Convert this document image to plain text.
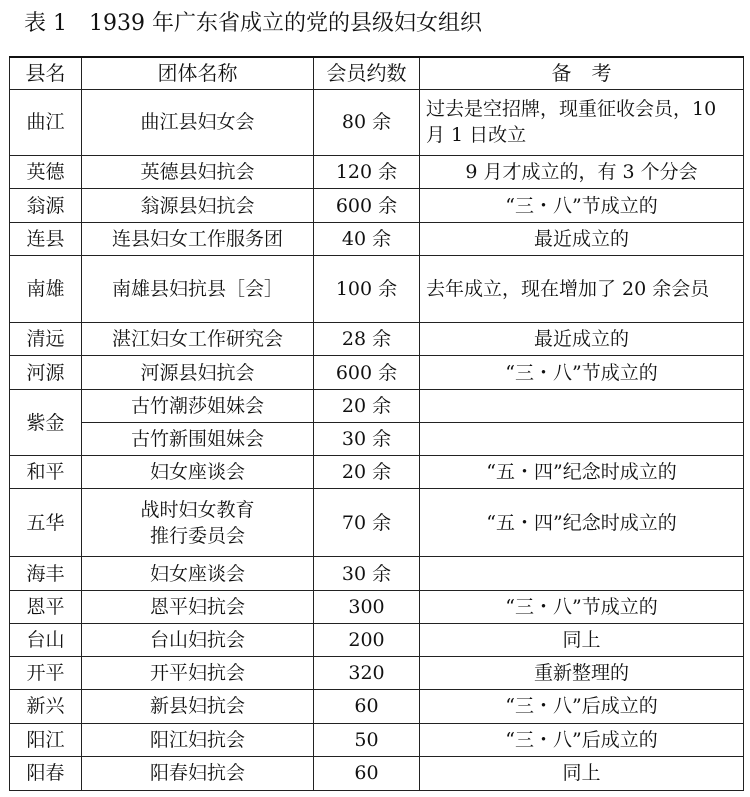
表 1 1939 年广东省成立的党的县级妇女组织
县名	团体名称	会员约数	备　考
曲江	曲江县妇女会	80 余	过去是空招牌，现重征收会员，10 月 1 日改立
英德	英德县妇抗会	120 余	9 月才成立的，有 3 个分会
翁源	翁源县妇抗会	600 余	“三・八”节成立的
连县	连县妇女工作服务团	40 余	最近成立的
南雄	南雄县妇抗县［会］	100 余	去年成立，现在增加了 20 余会员
清远	湛江妇女工作研究会	28 余	最近成立的
河源	河源县妇抗会	600 余	“三・八”节成立的
紫金	古竹潮莎姐妹会	20 余	
	古竹新围姐妹会	30 余	
和平	妇女座谈会	20 余	“五・四”纪念时成立的
五华	战时妇女教育推行委员会	70 余	“五・四”纪念时成立的
海丰	妇女座谈会	30 余	
恩平	恩平妇抗会	300	“三・八”节成立的
台山	台山妇抗会	200	同上
开平	开平妇抗会	320	重新整理的
新兴	新县妇抗会	60	“三・八”后成立的
阳江	阳江妇抗会	50	“三・八”后成立的
阳春	阳春妇抗会	60	同上
